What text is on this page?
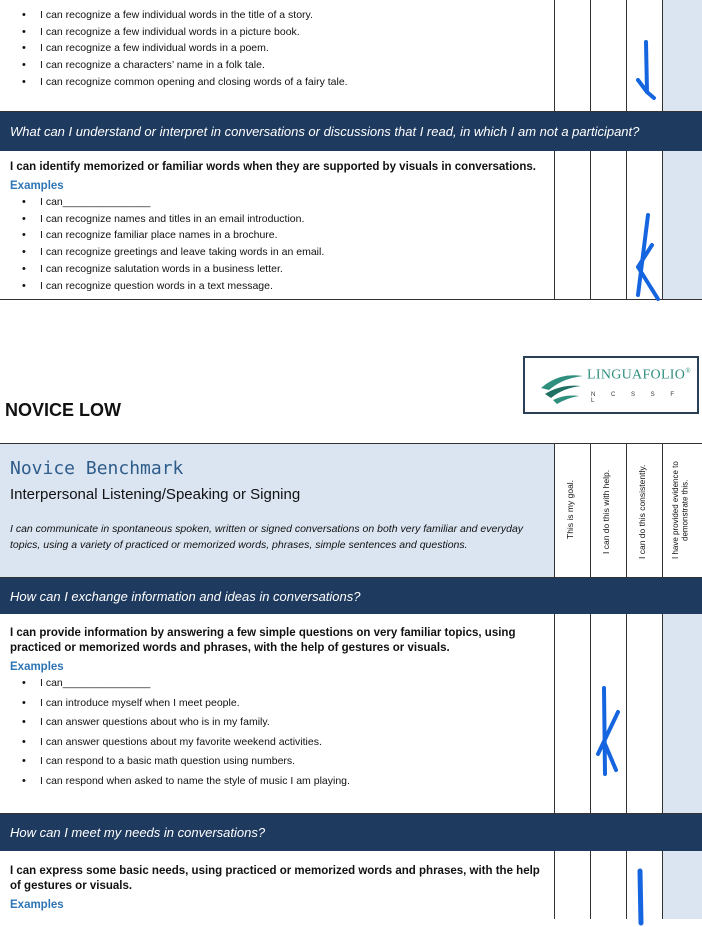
• I can recognize a few individual words in the title of a story.
• I can recognize a few individual words in a picture book.
• I can recognize a few individual words in a poem.
• I can recognize a characters’ name in a folk tale.
• I can recognize common opening and closing words of a fairy tale.
What can I understand or interpret in conversations or discussions that I read, in which I am not a participant?
I can identify memorized or familiar words when they are supported by visuals in conversations.
Examples
• I can_______________
• I can recognize names and titles in an email introduction.
• I can recognize familiar place names in a brochure.
• I can recognize greetings and leave taking words in an email.
• I can recognize salutation words in a business letter.
• I can recognize question words in a text message.
LINGUAFOLIO®
N C S S F L
NOVICE LOW
This is my goal.	I can do this with help.	I can do this consistently.	I have provided evidence to demonstrate this.
Novice Benchmark
Interpersonal Listening/Speaking or Signing
I can communicate in spontaneous spoken, written or signed conversations on both very familiar and everyday topics, using a variety of practiced or memorized words, phrases, simple sentences and questions.
How can I exchange information and ideas in conversations?
I can provide information by answering a few simple questions on very familiar topics, using practiced or memorized words and phrases, with the help of gestures or visuals.
Examples
• I can_______________
• I can introduce myself when I meet people.
• I can answer questions about who is in my family.
• I can answer questions about my favorite weekend activities.
• I can respond to a basic math question using numbers.
• I can respond when asked to name the style of music I am playing.
How can I meet my needs in conversations?
I can express some basic needs, using practiced or memorized words and phrases, with the help of gestures or visuals.
Examples
